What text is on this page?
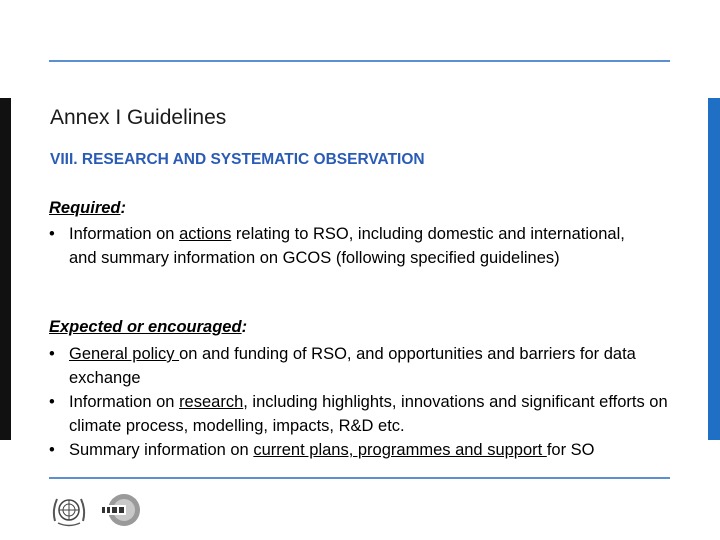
Annex I Guidelines
VIII. RESEARCH AND SYSTEMATIC OBSERVATION
Required:
• Information on actions relating to RSO, including domestic and international, and summary information on GCOS (following specified guidelines)
Expected or encouraged:
• General policy on and funding of RSO, and opportunities and barriers for data exchange
• Information on research, including highlights, innovations and significant efforts on climate process, modelling, impacts, R&D etc.
• Summary information on current plans, programmes and support for SO
